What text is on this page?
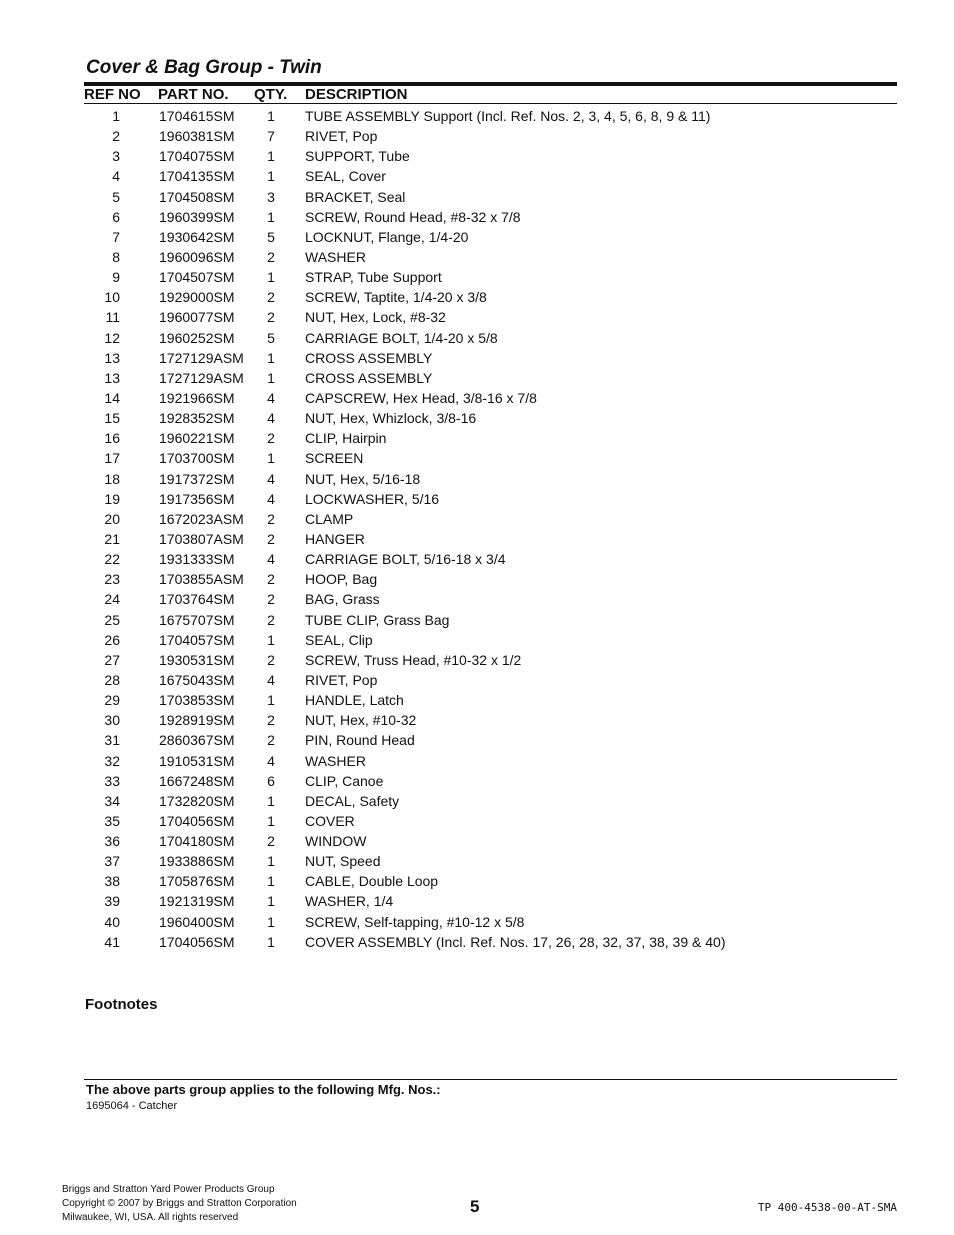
Cover & Bag Group - Twin
REF NO PART NO. QTY. DESCRIPTION
1	1704615SM 1 TUBE ASSEMBLY Support (Incl. Ref. Nos. 2, 3, 4, 5, 6, 8, 9 & 11)
2	1960381SM 7 RIVET, Pop
3	1704075SM 1 SUPPORT, Tube
4	1704135SM 1 SEAL, Cover
5	1704508SM 3 BRACKET, Seal
6	1960399SM 1 SCREW, Round Head, #8-32 x 7/8
7	1930642SM 5 LOCKNUT, Flange, 1/4-20
8	1960096SM 2 WASHER
9	1704507SM 1 STRAP, Tube Support
10	1929000SM 2 SCREW, Taptite, 1/4-20 x 3/8
11	1960077SM 2 NUT, Hex, Lock, #8-32
12	1960252SM 5 CARRIAGE BOLT, 1/4-20 x 5/8
13	1727129ASM 1 CROSS ASSEMBLY
13	1727129ASM 1 CROSS ASSEMBLY
14	1921966SM 4 CAPSCREW, Hex Head, 3/8-16 x 7/8
15	1928352SM 4 NUT, Hex, Whizlock, 3/8-16
16	1960221SM 2 CLIP, Hairpin
17	1703700SM 1 SCREEN
18	1917372SM 4 NUT, Hex, 5/16-18
19	1917356SM 4 LOCKWASHER, 5/16
20	1672023ASM 2 CLAMP
21	1703807ASM 2 HANGER
22	1931333SM 4 CARRIAGE BOLT, 5/16-18 x 3/4
23	1703855ASM 2 HOOP, Bag
24	1703764SM 2 BAG, Grass
25	1675707SM 2 TUBE CLIP, Grass Bag
26	1704057SM 1 SEAL, Clip
27	1930531SM 2 SCREW, Truss Head, #10-32 x 1/2
28	1675043SM 4 RIVET, Pop
29	1703853SM 1 HANDLE, Latch
30	1928919SM 2 NUT, Hex, #10-32
31	2860367SM 2 PIN, Round Head
32	1910531SM 4 WASHER
33	1667248SM 6 CLIP, Canoe
34	1732820SM 1 DECAL, Safety
35	1704056SM 1 COVER
36	1704180SM 2 WINDOW
37	1933886SM 1 NUT, Speed
38	1705876SM 1 CABLE, Double Loop
39	1921319SM 1 WASHER, 1/4
40	1960400SM 1 SCREW, Self-tapping, #10-12 x 5/8
41	1704056SM 1 COVER ASSEMBLY (Incl. Ref. Nos. 17, 26, 28, 32, 37, 38, 39 & 40)
Footnotes
The above parts group applies to the following Mfg. Nos.:
1695064 - Catcher
Briggs and Stratton Yard Power Products Group
Copyright © 2007 by Briggs and Stratton Corporation
Milwaukee, WI, USA. All rights reserved
5	TP 400-4538-00-AT-SMA
